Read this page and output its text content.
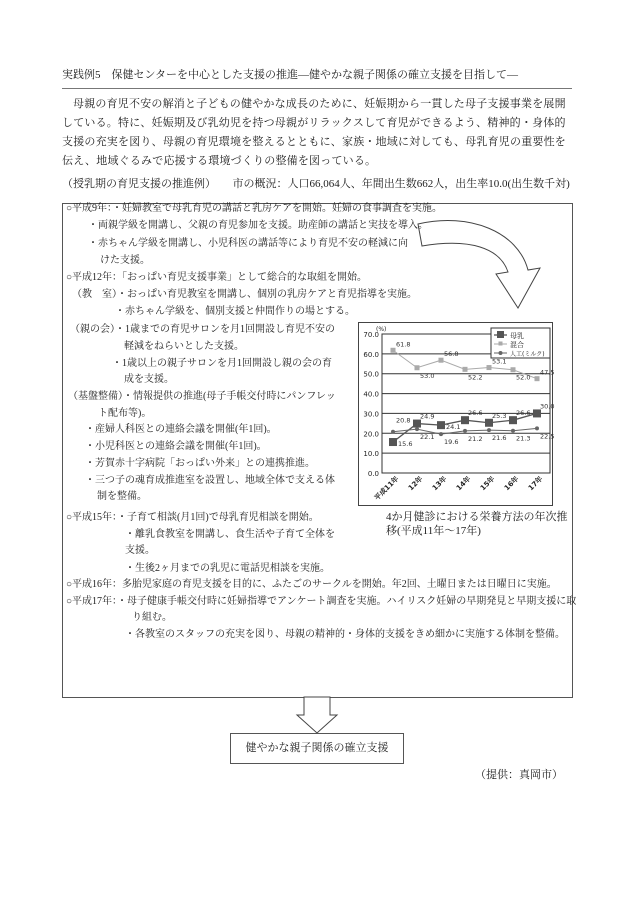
実践例5　保健センターを中心とした支援の推進―健やかな親子関係の確立支援を目指して―
母親の育児不安の解消と子どもの健やかな成長のために、妊娠期から一貫した母子支援事業を展開している。特に、妊娠期及び乳幼児を持つ母親がリラックスして育児ができるよう、精神的・身体的支援の充実を図り、母親の育児環境を整えるとともに、家族・地域に対しても、母乳育児の重要性を伝え、地域ぐるみで応援する環境づくりの整備を図っている。
（授乳期の育児支援の推進例）　　市の概況：人口66,064人、年間出生数662人，出生率10.0(出生数千対)
○平成9年：・妊婦教室で母乳育児の講話と乳房ケアを開始。妊婦の食事調査を実施。
・両親学級を開講し、父親の育児参加を支援。助産師の講話と実技を導入。
・赤ちゃん学級を開講し、小児科医の講話等により育児不安の軽減に向
けた支援。
○平成12年：「おっぱい育児支援事業」として総合的な取組を開始。
（教　室）・おっぱい育児教室を開講し、個別の乳房ケアと育児指導を実施。
・赤ちゃん学級を、個別支援と仲間作りの場とする。
（親の会）・1歳までの育児サロンを月1回開設し育児不安の
軽減をねらいとした支援。
・1歳以上の親子サロンを月1回開設し親の会の育
成を支援。
（基盤整備）・情報提供の推進(母子手帳交付時にパンフレッ
ト配布等)。
・産婦人科医との連絡会議を開催(年1回)。
・小児科医との連絡会議を開催(年1回)。
・芳賀赤十字病院「おっぱい外来」との連携推進。
・三つ子の魂育成推進室を設置し、地域全体で支える体
制を整備。
○平成15年：・子育て相談(月1回)で母乳育児相談を開始。
・離乳食教室を開講し、食生活や子育て全体を
支援。
・生後2ヶ月までの乳児に電話児相談を実施。
○平成16年：多胎児家庭の育児支援を目的に、ふたごのサークルを開始。年2回、土曜日または日曜日に実施。
○平成17年：・母子健康手帳交付時に妊婦指導でアンケート調査を実施。ハイリスク妊婦の早期発見と早期支援に取
り組む。
・各教室のスタッフの充実を図り、母親の精神的・身体的支援をきめ細かに実施する体制を整備。
0.0
10.0
20.0
30.0
40.0
50.0
60.0
70.0
(%)
平成11年 12年 13年 14年 15年 16年 17年
15.6
24.9
24.1
26.6 25.3 26.6
30.0
61.8
53.0
56.8
52.2
53.1
52.0
47.5
20.8
22.1
19.6 21.2 21.6 21.3 22.5
母乳
混合
人工(ミルク)
4か月健診における栄養方法の年次推
移(平成11年～17年)
健やかな親子関係の確立支援
（提供：真岡市）
